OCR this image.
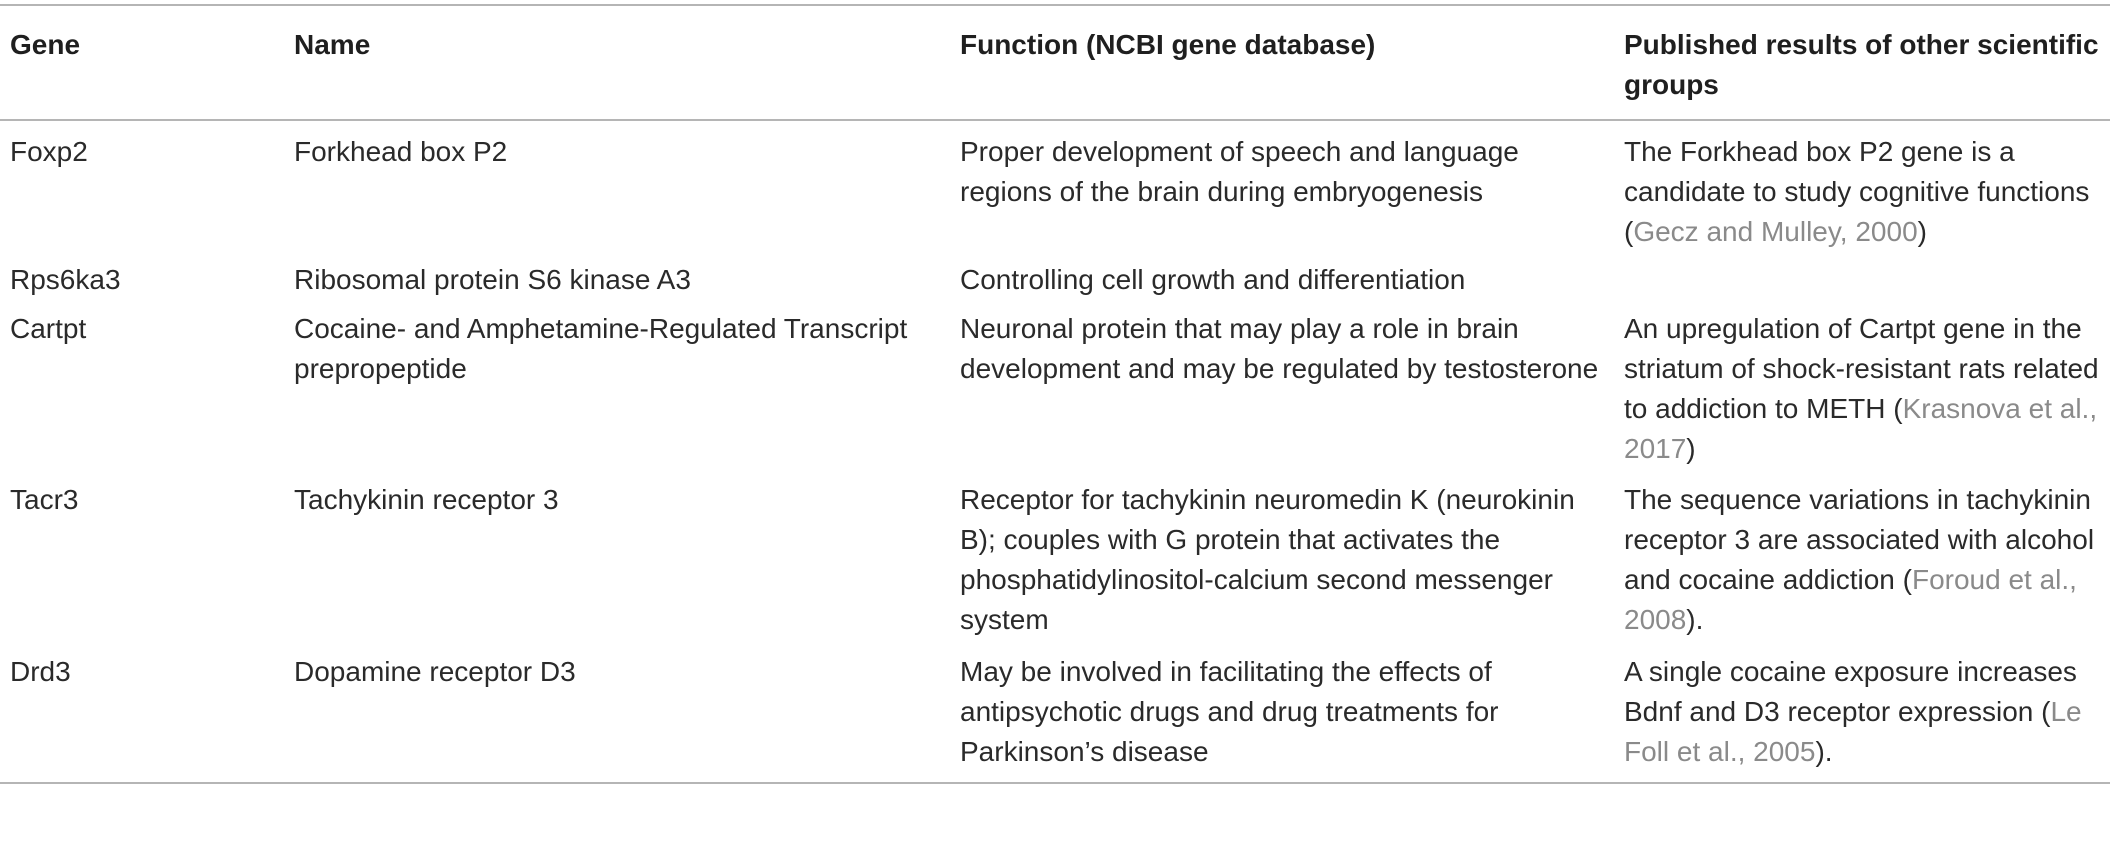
Gene	Name	Function (NCBI gene database)	Published results of other scientific groups
Foxp2	Forkhead box P2	Proper development of speech and language regions of the brain during embryogenesis	The Forkhead box P2 gene is a candidate to study cognitive functions (Gecz and Mulley, 2000)
Rps6ka3	Ribosomal protein S6 kinase A3	Controlling cell growth and differentiation	
Cartpt	Cocaine- and Amphetamine-Regulated Transcript prepropeptide	Neuronal protein that may play a role in brain development and may be regulated by testosterone	An upregulation of Cartpt gene in the striatum of shock-resistant rats related to addiction to METH (Krasnova et al., 2017)
Tacr3	Tachykinin receptor 3	Receptor for tachykinin neuromedin K (neurokinin B); couples with G protein that activates the phosphatidylinositol-calcium second messenger system	The sequence variations in tachykinin receptor 3 are associated with alcohol and cocaine addiction (Foroud et al., 2008).
Drd3	Dopamine receptor D3	May be involved in facilitating the effects of antipsychotic drugs and drug treatments for Parkinson’s disease	A single cocaine exposure increases Bdnf and D3 receptor expression (Le Foll et al., 2005).
